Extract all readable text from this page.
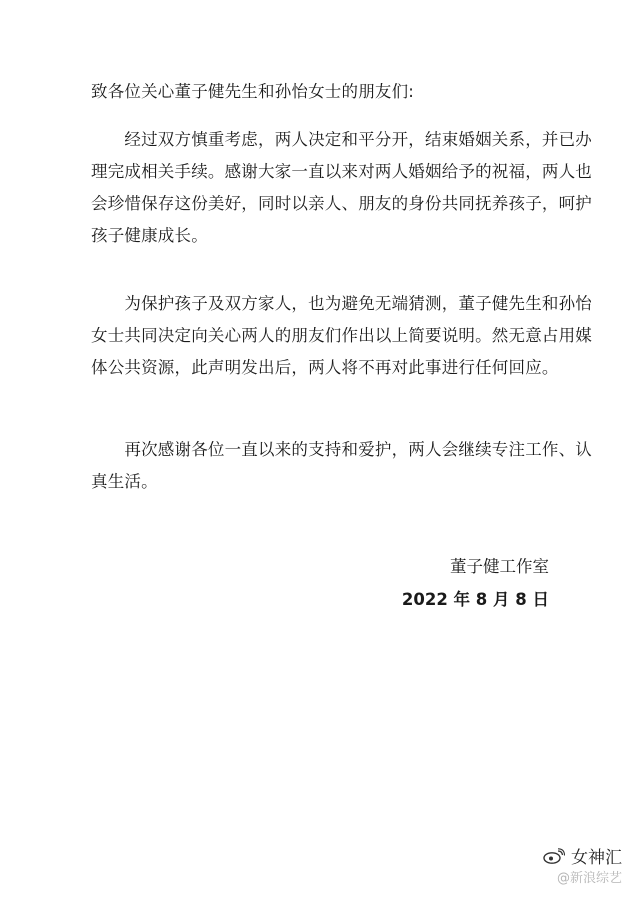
致各位关心董子健先生和孙怡女士的朋友们:
　　经过双方慎重考虑，两人决定和平分开，结束婚姻关系，并已办
理完成相关手续。感谢大家一直以来对两人婚姻给予的祝福，两人也
会珍惜保存这份美好，同时以亲人、朋友的身份共同抚养孩子，呵护
孩子健康成长。
　　为保护孩子及双方家人，也为避免无端猜测，董子健先生和孙怡
女士共同决定向关心两人的朋友们作出以上简要说明。然无意占用媒
体公共资源，此声明发出后，两人将不再对此事进行任何回应。
　　再次感谢各位一直以来的支持和爱护，两人会继续专注工作、认
真生活。
董子健工作室
2022 年 8 月 8 日
女神汇
@新浪综艺
